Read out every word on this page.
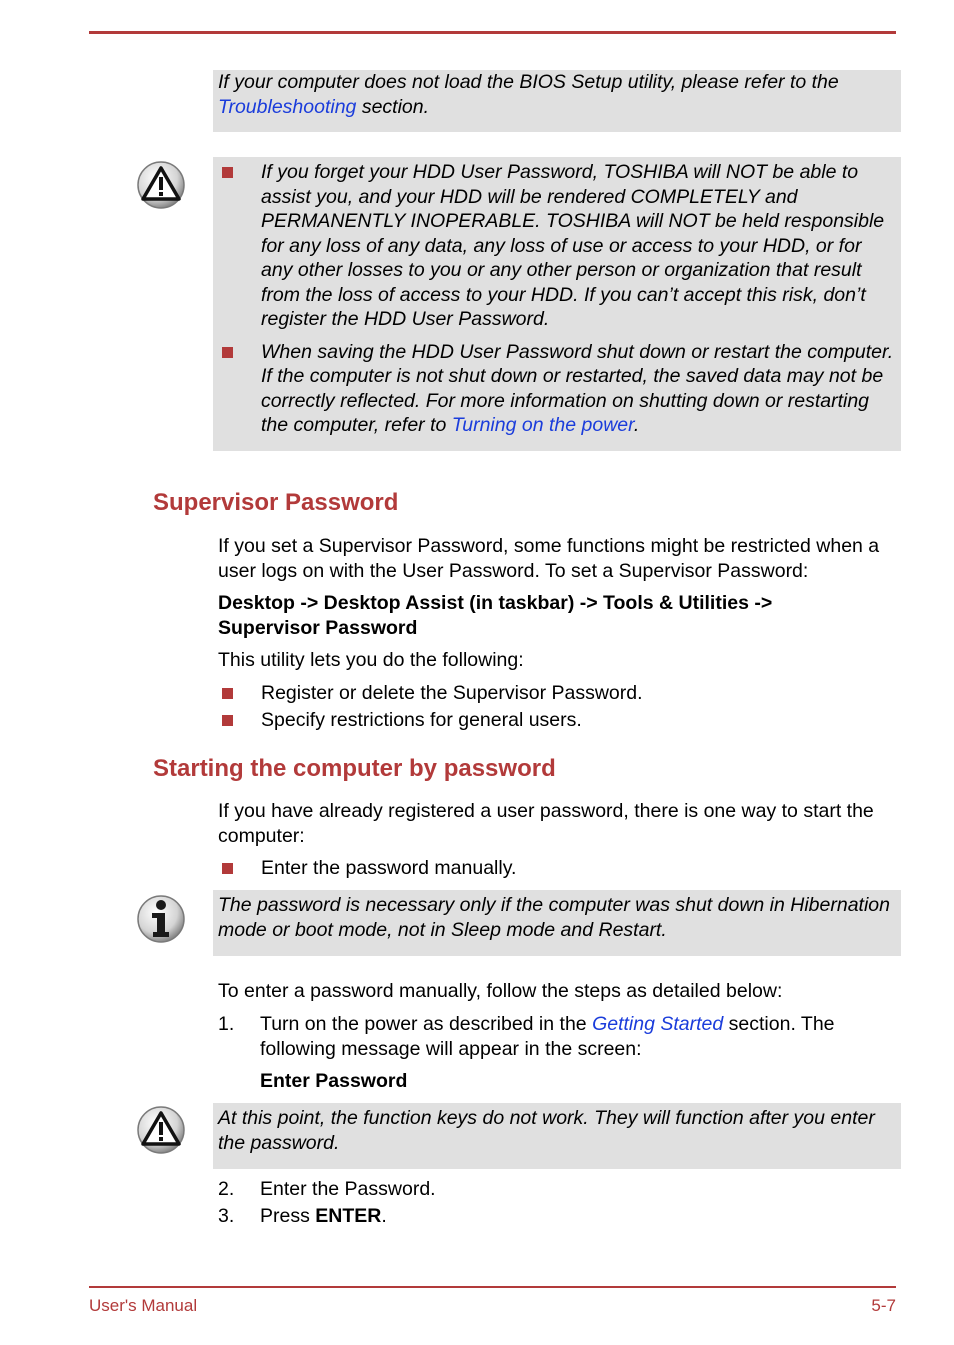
If your computer does not load the BIOS Setup utility, please refer to the
Troubleshooting section.

If you forget your HDD User Password, TOSHIBA will NOT be able to assist you, and your HDD will be rendered COMPLETELY and PERMANENTLY INOPERABLE. TOSHIBA will NOT be held responsible for any loss of any data, any loss of use or access to your HDD, or for any other losses to you or any other person or organization that result from the loss of access to your HDD. If you can’t accept this risk, don’t register the HDD User Password.
When saving the HDD User Password shut down or restart the computer. If the computer is not shut down or restarted, the saved data may not be correctly reflected. For more information on shutting down or restarting the computer, refer to Turning on the power.
Supervisor Password

If you set a Supervisor Password, some functions might be restricted when a user logs on with the User Password. To set a Supervisor Password:

Desktop -> Desktop Assist (in taskbar) -> Tools & Utilities -> Supervisor Password

This utility lets you do the following:

Register or delete the Supervisor Password.
Specify restrictions for general users.
Starting the computer by password

If you have already registered a user password, there is one way to start the computer:

Enter the password manually.

The password is necessary only if the computer was shut down in Hibernation mode or boot mode, not in Sleep mode and Restart.

To enter a password manually, follow the steps as detailed below:

1. Turn on the power as described in the Getting Started section. The following message will appear in the screen:
Enter Password

At this point, the function keys do not work. They will function after you enter the password.

2. Enter the Password.
3. Press ENTER.
User's Manual	5-7
